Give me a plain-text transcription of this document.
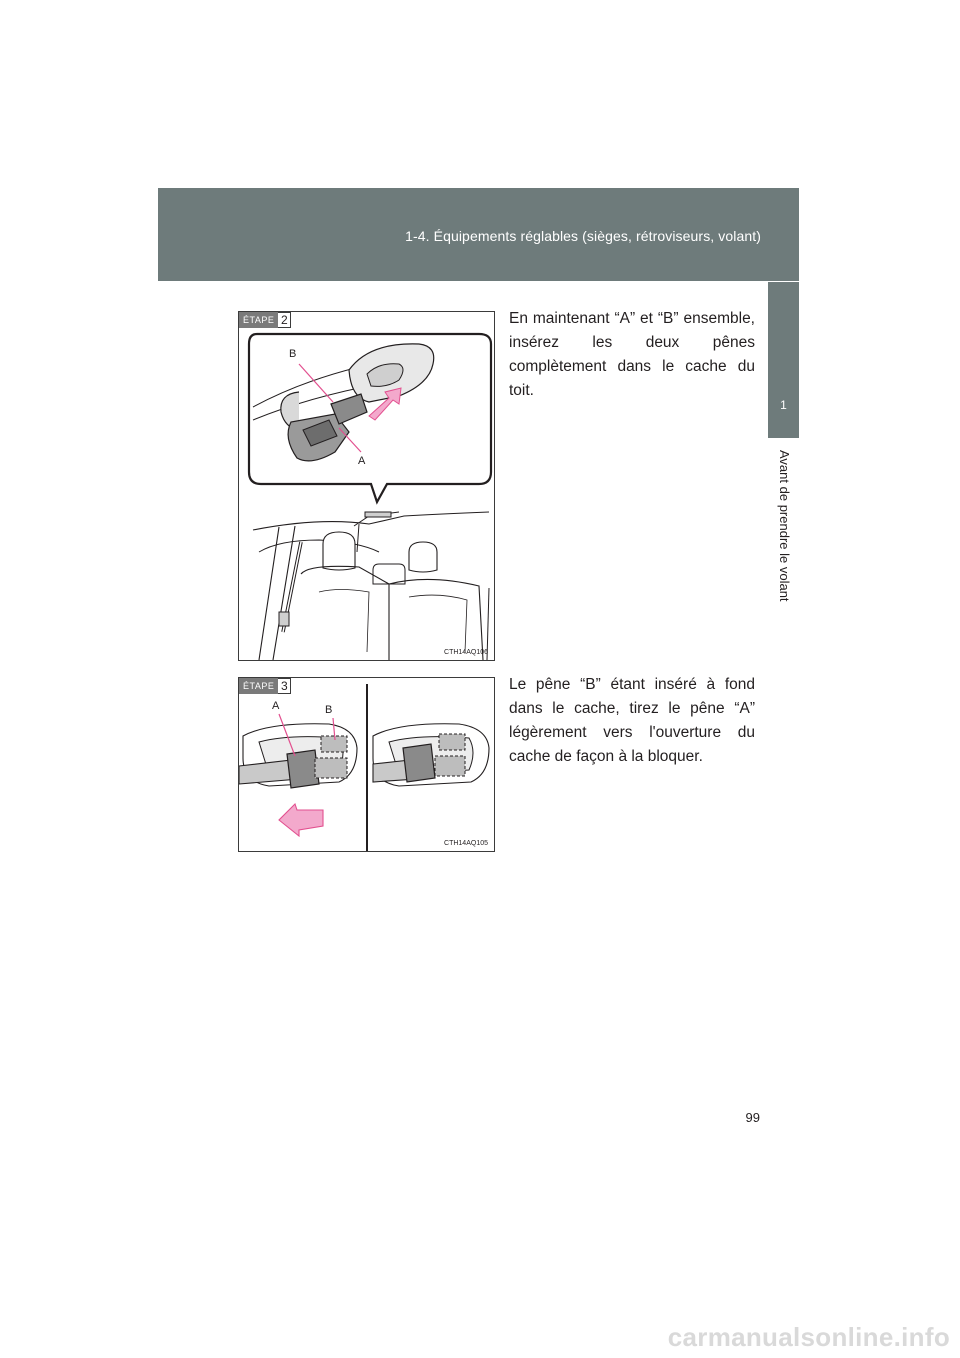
1-4. Équipements réglables (sièges, rétroviseurs, volant)
1
Avant de prendre le volant
ÉTAPE 2
B
A
CTH14AQ106
En maintenant “A” et “B” ensemble, insérez les deux pênes complètement dans le cache du toit.
ÉTAPE 3
A	B
CTH14AQ105
Le pêne “B” étant inséré à fond dans le cache, tirez le pêne “A” légèrement vers l'ouverture du cache de façon à la bloquer.
99
carmanualsonline.info
